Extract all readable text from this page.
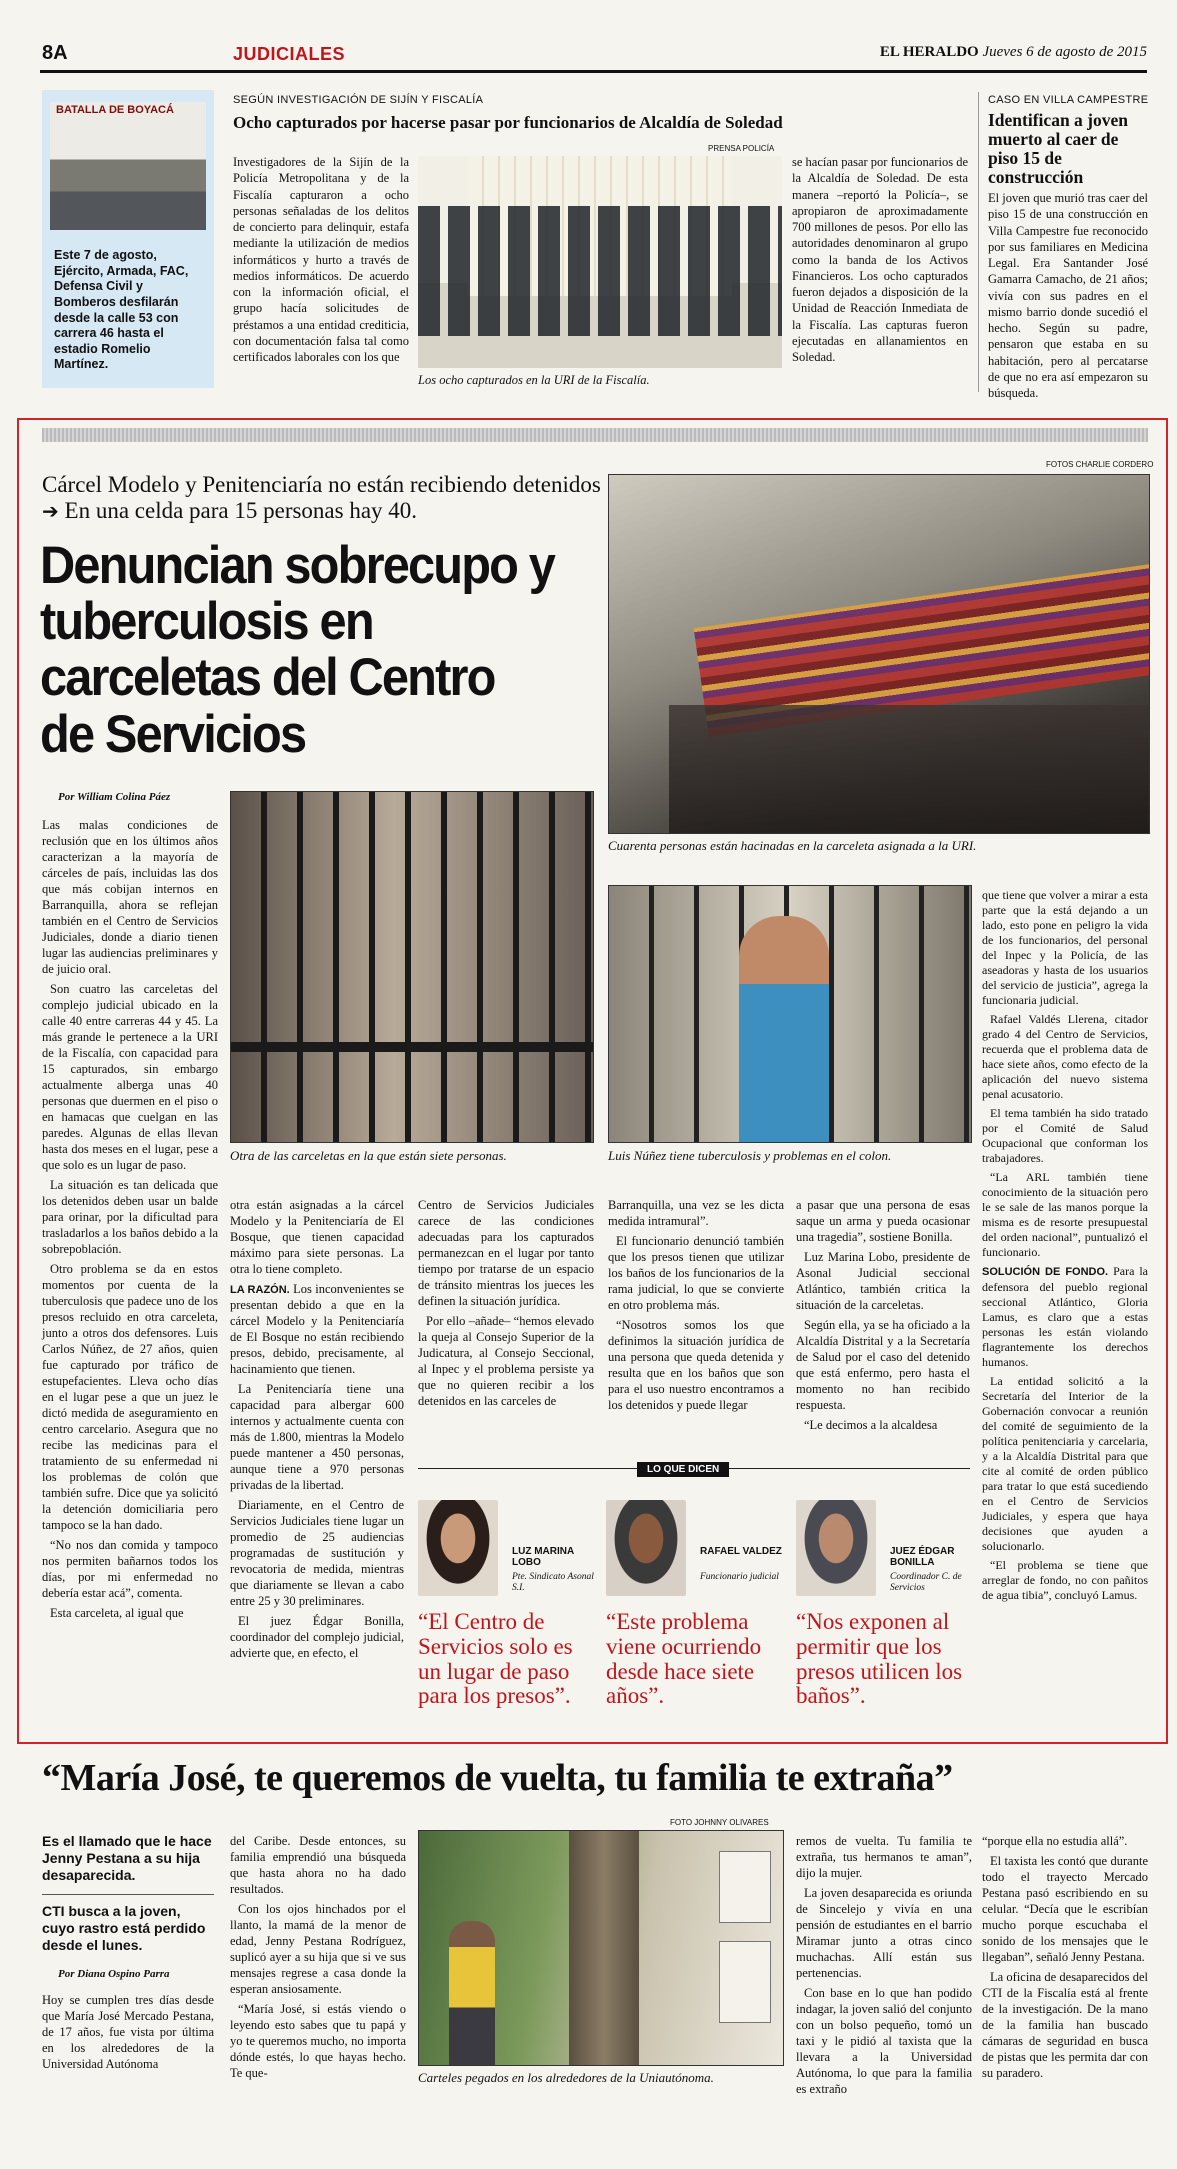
8A	JUDICIALES	EL HERALDO Jueves 6 de agosto de 2015
BATALLA DE BOYACÁ
Este 7 de agosto, Ejército, Armada, FAC, Defensa Civil y Bomberos desfilarán desde la calle 53 con carrera 46 hasta el estadio Romelio Martínez.
SEGÚN INVESTIGACIÓN DE SIJÍN Y FISCALÍA
Ocho capturados por hacerse pasar por funcionarios de Alcaldía de Soledad
PRENSA POLICÍA
Investigadores de la Sijín de la Policía Metropolitana y de la Fiscalía capturaron a ocho personas señaladas de los delitos de concierto para delinquir, estafa mediante la utilización de medios informáticos y hurto a través de medios informáticos. De acuerdo con la información oficial, el grupo hacía solicitudes de préstamos a una entidad crediticia, con documentación falsa tal como certificados laborales con los que
Los ocho capturados en la URI de la Fiscalía.
se hacían pasar por funcionarios de la Alcaldía de Soledad. De esta manera –reportó la Policía–, se apropiaron de aproximadamente 700 millones de pesos. Por ello las autoridades denominaron al grupo como la banda de los Activos Financieros. Los ocho capturados fueron dejados a disposición de la Unidad de Reacción Inmediata de la Fiscalía. Las capturas fueron ejecutadas en allanamientos en Soledad.
CASO EN VILLA CAMPESTRE
Identifican a joven muerto al caer de piso 15 de construcción
El joven que murió tras caer del piso 15 de una construcción en Villa Campestre fue reconocido por sus familiares en Medicina Legal. Era Santander José Gamarra Camacho, de 21 años; vivía con sus padres en el mismo barrio donde sucedió el hecho. Según su padre, pensaron que estaba en su habitación, pero al percatarse de que no era así empezaron su búsqueda.
Cárcel Modelo y Penitenciaría no están recibiendo detenidos ➔ En una celda para 15 personas hay 40.
Denuncian sobrecupo y tuberculosis en carceletas del Centro de Servicios
Por William Colina Páez
FOTOS CHARLIE CORDERO
Cuarenta personas están hacinadas en la carceleta asignada a la URI.
Otra de las carceletas en la que están siete personas.	Luis Núñez tiene tuberculosis y problemas en el colon.

Las malas condiciones de reclusión que en los últimos años caracterizan a la mayoría de cárceles de país, incluidas las dos que más cobijan internos en Barranquilla, ahora se reflejan también en el Centro de Servicios Judiciales, donde a diario tienen lugar las audiencias preliminares y de juicio oral.

Son cuatro las carceletas del complejo judicial ubicado en la calle 40 entre carreras 44 y 45. La más grande le pertenece a la URI de la Fiscalía, con capacidad para 15 capturados, sin embargo actualmente alberga unas 40 personas que duermen en el piso o en hamacas que cuelgan en las paredes. Algunas de ellas llevan hasta dos meses en el lugar, pese a que solo es un lugar de paso.

La situación es tan delicada que los detenidos deben usar un balde para orinar, por la dificultad para trasladarlos a los baños debido a la sobrepoblación.

Otro problema se da en estos momentos por cuenta de la tuberculosis que padece uno de los presos recluido en otra carceleta, junto a otros dos defensores. Luis Carlos Núñez, de 27 años, quien fue capturado por tráfico de estupefacientes. Lleva ocho días en el lugar pese a que un juez le dictó medida de aseguramiento en centro carcelario. Asegura que no recibe las medicinas para el tratamiento de su enfermedad ni los problemas de colón que también sufre. Dice que ya solicitó la detención domiciliaria pero tampoco se la han dado.

“No nos dan comida y tampoco nos permiten bañarnos todos los días, por mi enfermedad no debería estar acá”, comenta.

Esta carceleta, al igual que

otra están asignadas a la cárcel Modelo y la Penitenciaría de El Bosque, que tienen capacidad máximo para siete personas. La otra lo tiene completo.

LA RAZÓN. Los inconvenientes se presentan debido a que en la cárcel Modelo y la Penitenciaría de El Bosque no están recibiendo presos, debido, precisamente, al hacinamiento que tienen.

La Penitenciaría tiene una capacidad para albergar 600 internos y actualmente cuenta con más de 1.800, mientras la Modelo puede mantener a 450 personas, aunque tiene a 970 personas privadas de la libertad.

Diariamente, en el Centro de Servicios Judiciales tiene lugar un promedio de 25 audiencias programadas de sustitución y revocatoria de medida, mientras que diariamente se llevan a cabo entre 25 y 30 preliminares.

El juez Édgar Bonilla, coordinador del complejo judicial, advierte que, en efecto, el

Centro de Servicios Judiciales carece de las condiciones adecuadas para los capturados permanezcan en el lugar por tanto tiempo por tratarse de un espacio de tránsito mientras los jueces les definen la situación jurídica.

Por ello –añade– “hemos elevado la queja al Consejo Superior de la Judicatura, al Consejo Seccional, al Inpec y el problema persiste ya que no quieren recibir a los detenidos en las carceles de

Barranquilla, una vez se les dicta medida intramural”.

El funcionario denunció también que los presos tienen que utilizar los baños de los funcionarios de la rama judicial, lo que se convierte en otro problema más.

“Nosotros somos los que definimos la situación jurídica de una persona que queda detenida y resulta que en los baños que son para el uso nuestro encontramos a los detenidos y puede llegar

a pasar que una persona de esas saque un arma y pueda ocasionar una tragedia”, sostiene Bonilla.

Luz Marina Lobo, presidente de Asonal Judicial seccional Atlántico, también critica la situación de la carceletas.

Según ella, ya se ha oficiado a la Alcaldía Distrital y a la Secretaría de Salud por el caso del detenido que está enfermo, pero hasta el momento no han recibido respuesta.

“Le decimos a la alcaldesa

que tiene que volver a mirar a esta parte que la está dejando a un lado, esto pone en peligro la vida de los funcionarios, del personal del Inpec y la Policía, de las aseadoras y hasta de los usuarios del servicio de justicia”, agrega la funcionaria judicial.

Rafael Valdés Llerena, citador grado 4 del Centro de Servicios, recuerda que el problema data de hace siete años, como efecto de la aplicación del nuevo sistema penal acusatorio.

El tema también ha sido tratado por el Comité de Salud Ocupacional que conforman los trabajadores.

“La ARL también tiene conocimiento de la situación pero le se sale de las manos porque la misma es de resorte presupuestal del orden nacional”, puntualizó el funcionario.

SOLUCIÓN DE FONDO. Para la defensora del pueblo regional seccional Atlántico, Gloria Lamus, es claro que a estas personas les están violando flagrantemente los derechos humanos.

La entidad solicitó a la Secretaría del Interior de la Gobernación convocar a reunión del comité de seguimiento de la política penitenciaria y carcelaria, y a la Alcaldía Distrital para que cite al comité de orden público para tratar lo que está sucediendo en el Centro de Servicios Judiciales, y espera que haya decisiones que ayuden a solucionarlo.

“El problema se tiene que arreglar de fondo, no con pañitos de agua tibia”, concluyó Lamus.

LO QUE DICEN
LUZ MARINA LOBO
Pte. Sindicato Asonal S.I.
“El Centro de Servicios solo es un lugar de paso para los presos”.
RAFAEL VALDEZ
Funcionario judicial
“Este problema viene ocurriendo desde hace siete años”.
JUEZ ÉDGAR BONILLA
Coordinador C. de Servicios
“Nos exponen al permitir que los presos utilicen los baños”.
“María José, te queremos de vuelta, tu familia te extraña”
Es el llamado que le hace Jenny Pestana a su hija desaparecida.
CTI busca a la joven, cuyo rastro está perdido desde el lunes.
Por Diana Ospino Parra
Hoy se cumplen tres días desde que María José Mercado Pestana, de 17 años, fue vista por última en los alrededores de la Universidad Autónoma

del Caribe. Desde entonces, su familia emprendió una búsqueda que hasta ahora no ha dado resultados.

Con los ojos hinchados por el llanto, la mamá de la menor de edad, Jenny Pestana Rodríguez, suplicó ayer a su hija que si ve sus mensajes regrese a casa donde la esperan ansiosamente.

“María José, si estás viendo o leyendo esto sabes que tu papá y yo te queremos mucho, no importa dónde estés, lo que hayas hecho. Te que-

FOTO JOHNNY OLIVARES
Carteles pegados en los alrededores de la Uniautónoma.

remos de vuelta. Tu familia te extraña, tus hermanos te aman”, dijo la mujer.

La joven desaparecida es oriunda de Sincelejo y vivía en una pensión de estudiantes en el barrio Miramar junto a otras cinco muchachas. Allí están sus pertenencias.

Con base en lo que han podido indagar, la joven salió del conjunto con un bolso pequeño, tomó un taxi y le pidió al taxista que la llevara a la Universidad Autónoma, lo que para la familia es extraño

“porque ella no estudia allá”.

El taxista les contó que durante todo el trayecto Mercado Pestana pasó escribiendo en su celular. “Decía que le escribían mucho porque escuchaba el sonido de los mensajes que le llegaban”, señaló Jenny Pestana.

La oficina de desaparecidos del CTI de la Fiscalía está al frente de la investigación. De la mano de la familia han buscado cámaras de seguridad en busca de pistas que les permita dar con su paradero.
